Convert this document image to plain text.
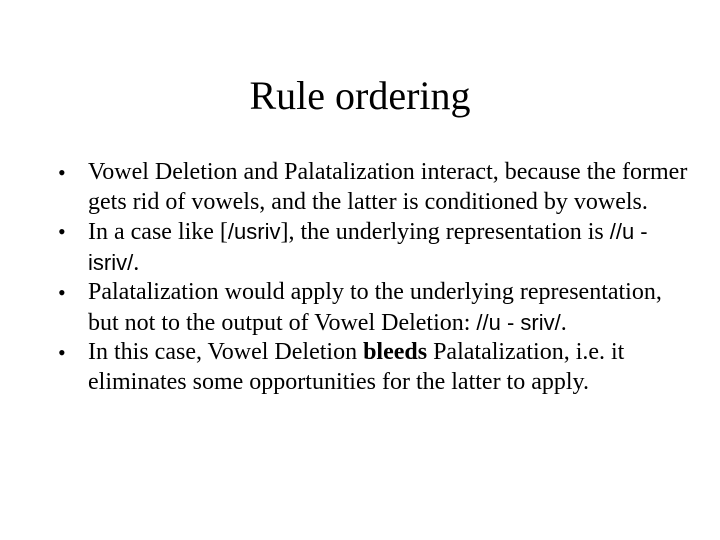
Rule ordering
• Vowel Deletion and Palatalization interact, because the former gets rid of vowels, and the latter is conditioned by vowels.
• In a case like [/usriv], the underlying representation is //u - isriv/.
• Palatalization would apply to the underlying representation, but not to the output of Vowel Deletion: //u - sriv/.
• In this case, Vowel Deletion bleeds Palatalization, i.e. it eliminates some opportunities for the latter to apply.
